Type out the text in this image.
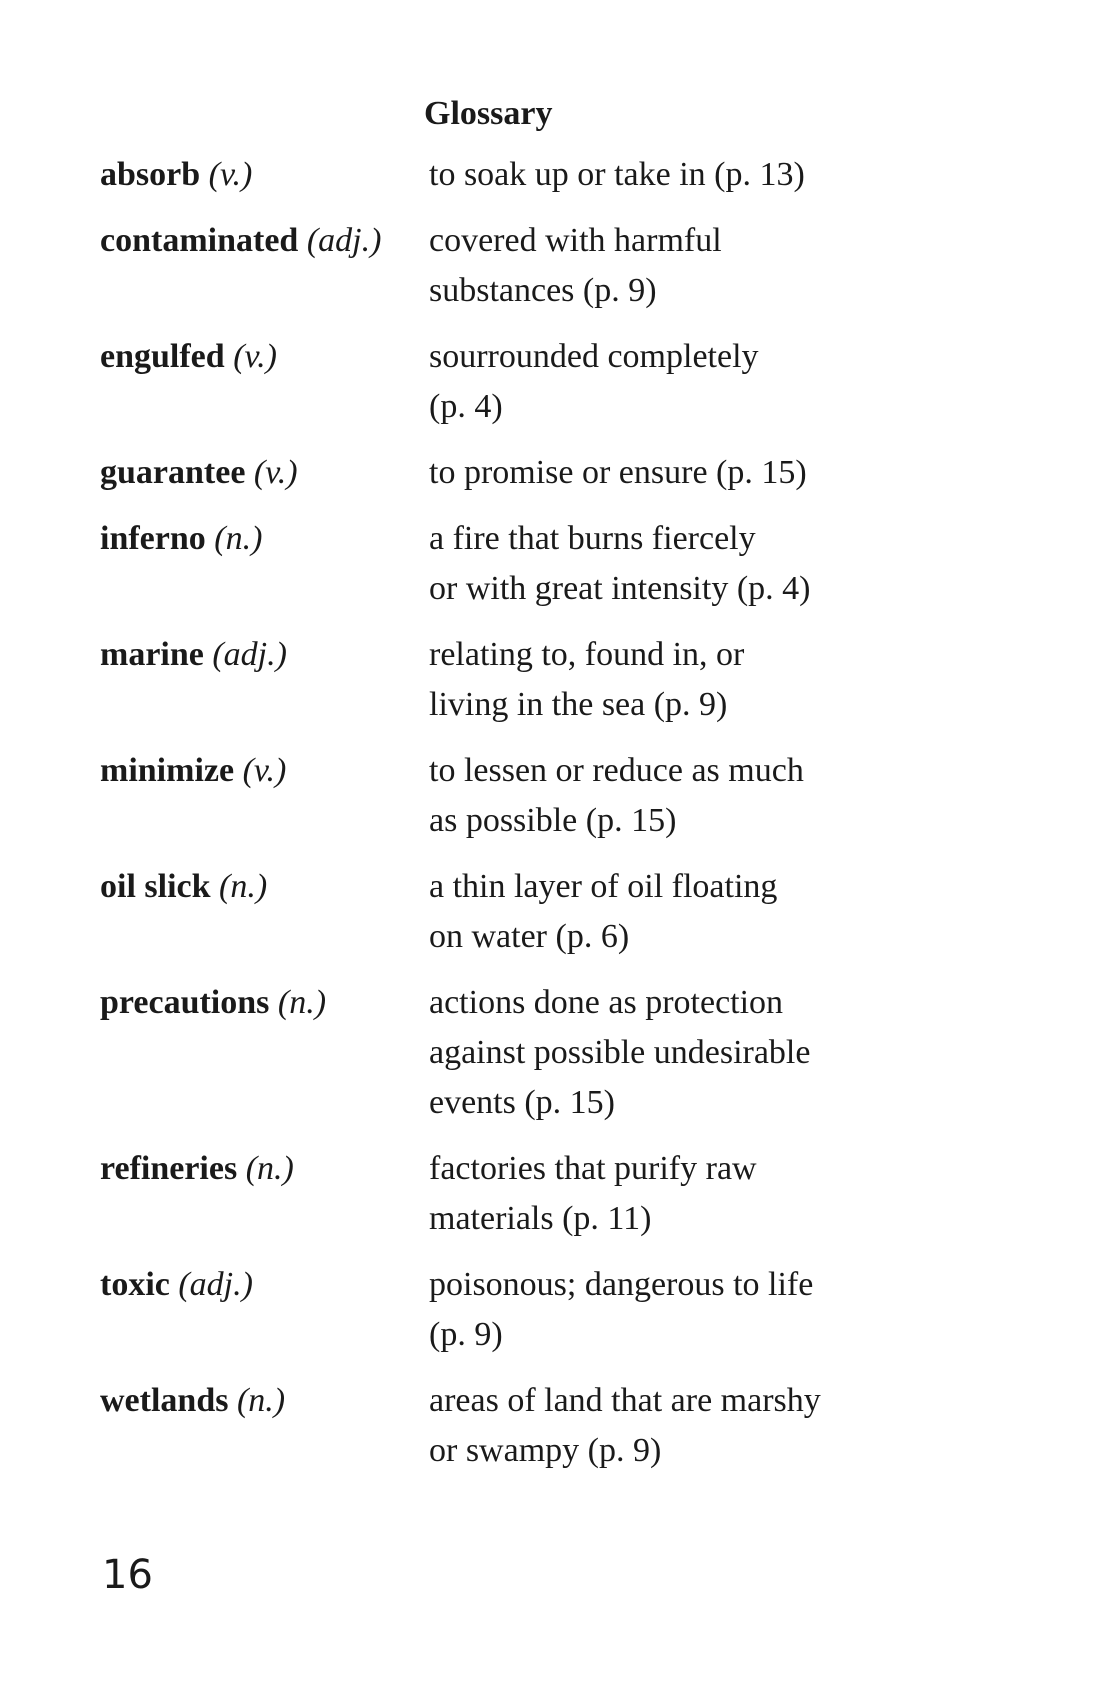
Glossary
absorb (v.)	to soak up or take in (p. 13)
contaminated (adj.)	covered with harmful
substances (p. 9)
engulfed (v.)	sourrounded completely
(p. 4)
guarantee (v.)	to promise or ensure (p. 15)
inferno (n.)	a fire that burns fiercely
or with great intensity (p. 4)
marine (adj.)	relating to, found in, or
living in the sea (p. 9)
minimize (v.)	to lessen or reduce as much
as possible (p. 15)
oil slick (n.)	a thin layer of oil floating
on water (p. 6)
precautions (n.)	actions done as protection
against possible undesirable
events (p. 15)
refineries (n.)	factories that purify raw
materials (p. 11)
toxic (adj.)	poisonous; dangerous to life
(p. 9)
wetlands (n.)	areas of land that are marshy
or swampy (p. 9)
16
